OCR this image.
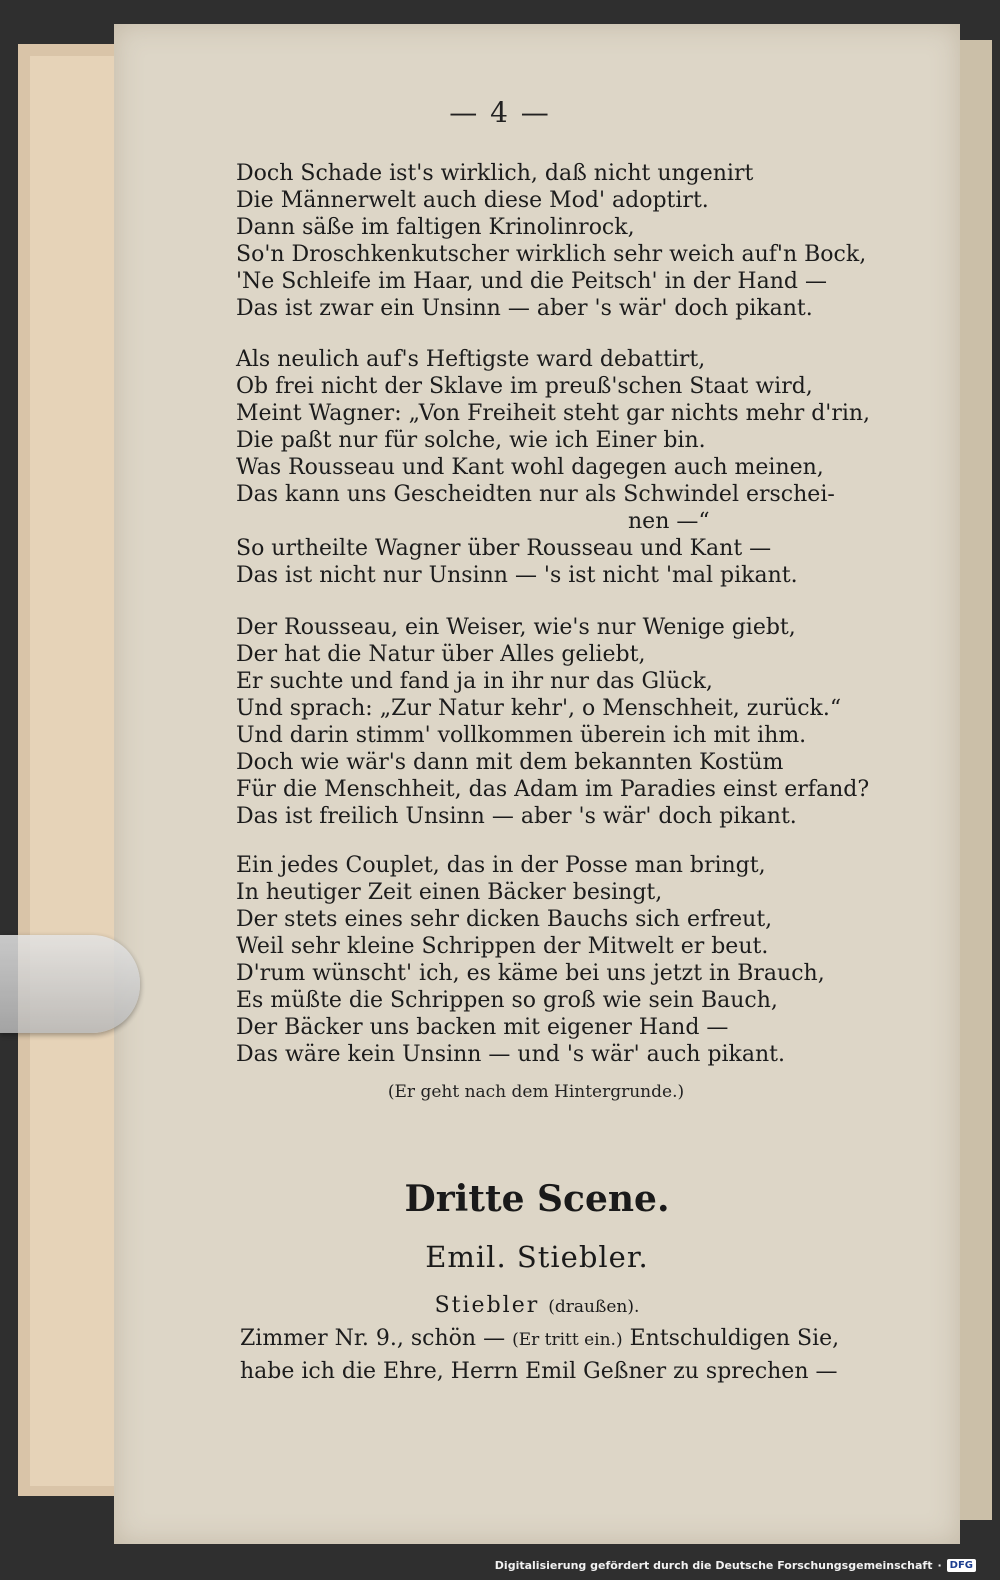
— 4 —
Doch Schade ist's wirklich, daß nicht ungenirt
Die Männerwelt auch diese Mod' adoptirt.
Dann säße im faltigen Krinolinrock,
So'n Droschkenkutscher wirklich sehr weich auf'n Bock,
'Ne Schleife im Haar, und die Peitsch' in der Hand —
Das ist zwar ein Unsinn — aber 's wär' doch pikant.
Als neulich auf's Heftigste ward debattirt,
Ob frei nicht der Sklave im preuß'schen Staat wird,
Meint Wagner: „Von Freiheit steht gar nichts mehr d'rin,
Die paßt nur für solche, wie ich Einer bin.
Was Rousseau und Kant wohl dagegen auch meinen,
Das kann uns Gescheidten nur als Schwindel erschei-
nen —“
So urtheilte Wagner über Rousseau und Kant —
Das ist nicht nur Unsinn — 's ist nicht 'mal pikant.
Der Rousseau, ein Weiser, wie's nur Wenige giebt,
Der hat die Natur über Alles geliebt,
Er suchte und fand ja in ihr nur das Glück,
Und sprach: „Zur Natur kehr', o Menschheit, zurück.“
Und darin stimm' vollkommen überein ich mit ihm.
Doch wie wär's dann mit dem bekannten Kostüm
Für die Menschheit, das Adam im Paradies einst erfand?
Das ist freilich Unsinn — aber 's wär' doch pikant.
Ein jedes Couplet, das in der Posse man bringt,
In heutiger Zeit einen Bäcker besingt,
Der stets eines sehr dicken Bauchs sich erfreut,
Weil sehr kleine Schrippen der Mitwelt er beut.
D'rum wünscht' ich, es käme bei uns jetzt in Brauch,
Es müßte die Schrippen so groß wie sein Bauch,
Der Bäcker uns backen mit eigener Hand —
Das wäre kein Unsinn — und 's wär' auch pikant.
(Er geht nach dem Hintergrunde.)
Dritte Scene.
Emil. Stiebler.
Stiebler (draußen).
Zimmer Nr. 9., schön — (Er tritt ein.) Entschuldigen Sie, habe ich die Ehre, Herrn Emil Geßner zu sprechen —
Digitalisierung gefördert durch die Deutsche Forschungsgemeinschaft · DFG
